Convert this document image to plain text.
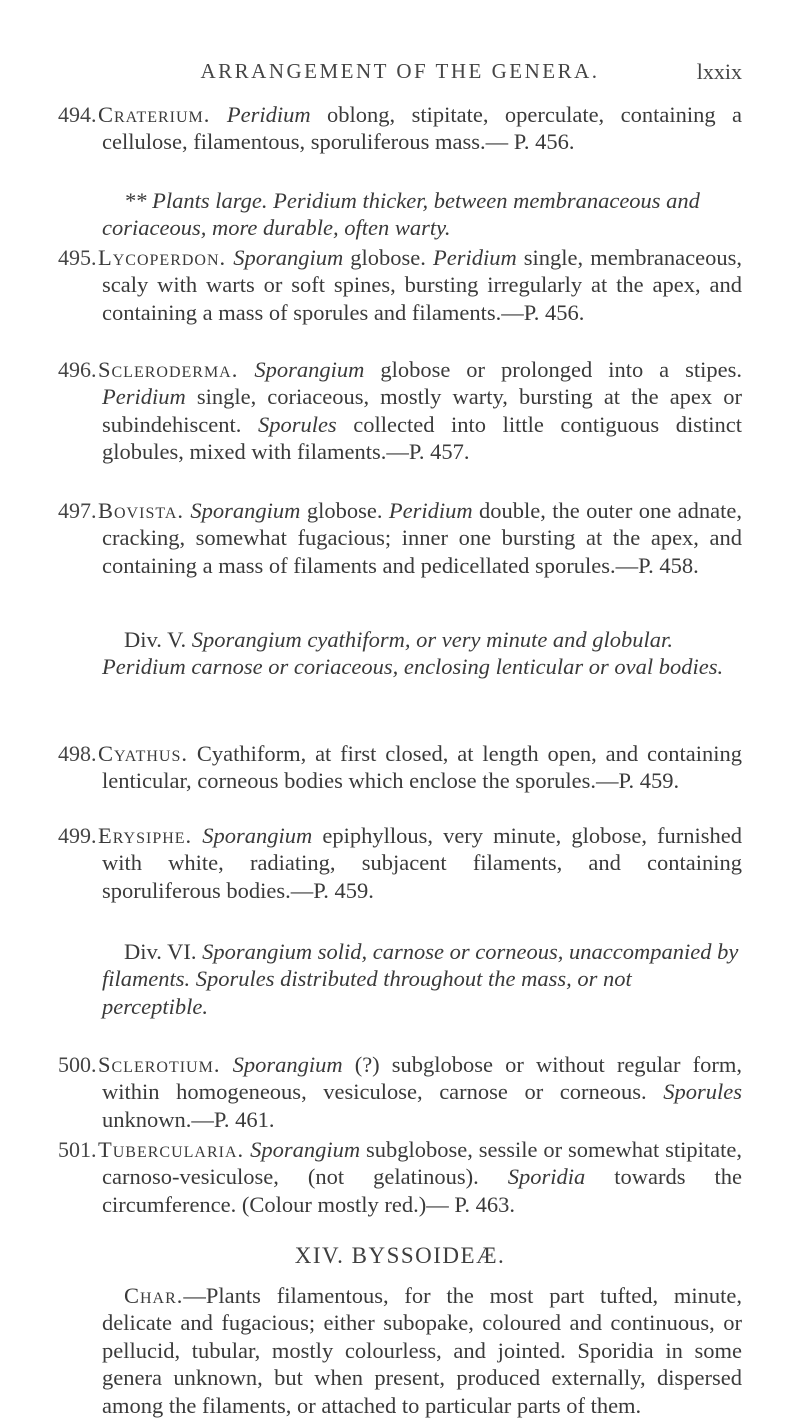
ARRANGEMENT OF THE GENERA.	lxxix
494. Craterium. Peridium oblong, stipitate, operculate, containing a cellulose, filamentous, sporuliferous mass.— P. 456.
** Plants large. Peridium thicker, between membranaceous and coriaceous, more durable, often warty.
495. Lycoperdon. Sporangium globose. Peridium single, membranaceous, scaly with warts or soft spines, bursting irregularly at the apex, and containing a mass of sporules and filaments.—P. 456.
496. Scleroderma. Sporangium globose or prolonged into a stipes. Peridium single, coriaceous, mostly warty, bursting at the apex or subindehiscent. Sporules collected into little contiguous distinct globules, mixed with filaments.—P. 457.
497. Bovista. Sporangium globose. Peridium double, the outer one adnate, cracking, somewhat fugacious; inner one bursting at the apex, and containing a mass of filaments and pedicellated sporules.—P. 458.
Div. V. Sporangium cyathiform, or very minute and globular. Peridium carnose or coriaceous, enclosing lenticular or oval bodies.
498. Cyathus. Cyathiform, at first closed, at length open, and containing lenticular, corneous bodies which enclose the sporules.—P. 459.
499. Erysiphe. Sporangium epiphyllous, very minute, globose, furnished with white, radiating, subjacent filaments, and containing sporuliferous bodies.—P. 459.
Div. VI. Sporangium solid, carnose or corneous, unaccompanied by filaments. Sporules distributed throughout the mass, or not perceptible.
500. Sclerotium. Sporangium (?) subglobose or without regular form, within homogeneous, vesiculose, carnose or corneous. Sporules unknown.—P. 461.
501. Tubercularia. Sporangium subglobose, sessile or somewhat stipitate, carnoso-vesiculose, (not gelatinous). Sporidia towards the circumference. (Colour mostly red.)— P. 463.
XIV. BYSSOIDEÆ.
Char.—Plants filamentous, for the most part tufted, minute, delicate and fugacious; either subopake, coloured and continuous, or pellucid, tubular, mostly colourless, and jointed. Sporidia in some genera unknown, but when present, produced externally, dispersed among the filaments, or attached to particular parts of them.
